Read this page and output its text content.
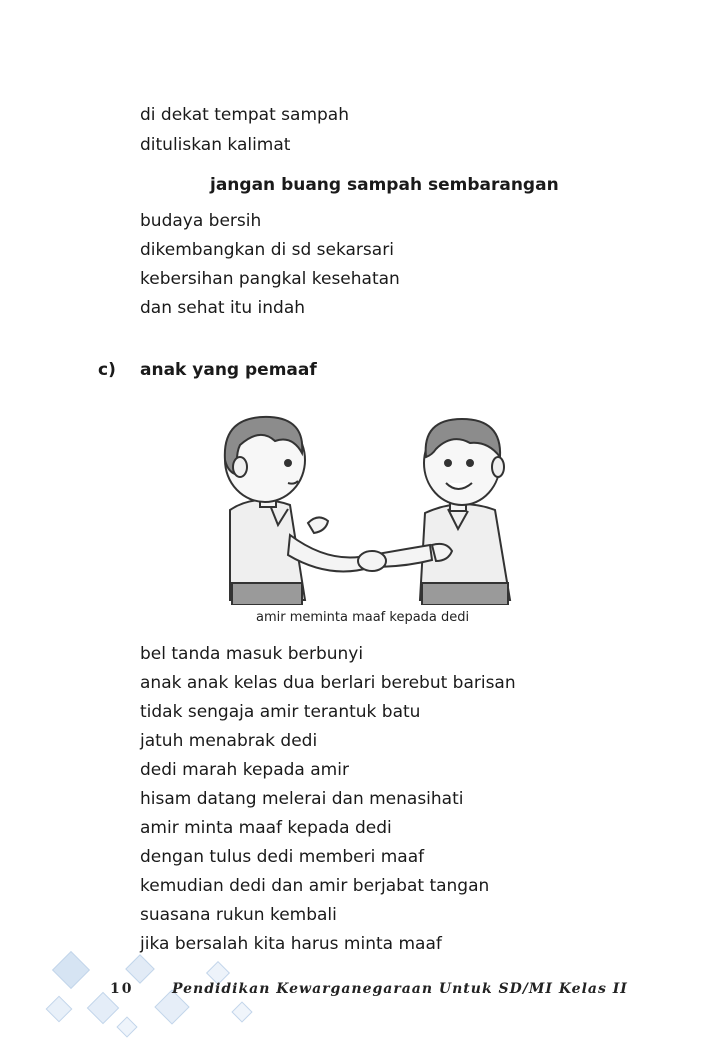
di dekat tempat sampah
dituliskan kalimat
jangan buang sampah sembarangan
budaya bersih
dikembangkan di sd sekarsari
kebersihan pangkal kesehatan
dan sehat itu indah
c) anak yang pemaaf
amir meminta maaf kepada dedi
bel tanda masuk berbunyi
anak anak kelas dua berlari berebut barisan
tidak sengaja amir terantuk batu
jatuh menabrak dedi
dedi marah kepada amir
hisam datang melerai dan menasihati
amir minta maaf kepada dedi
dengan tulus dedi memberi maaf
kemudian dedi dan amir berjabat tangan
suasana rukun kembali
jika bersalah kita harus minta maaf
10	Pendidikan Kewarganegaraan Untuk SD/MI Kelas II
